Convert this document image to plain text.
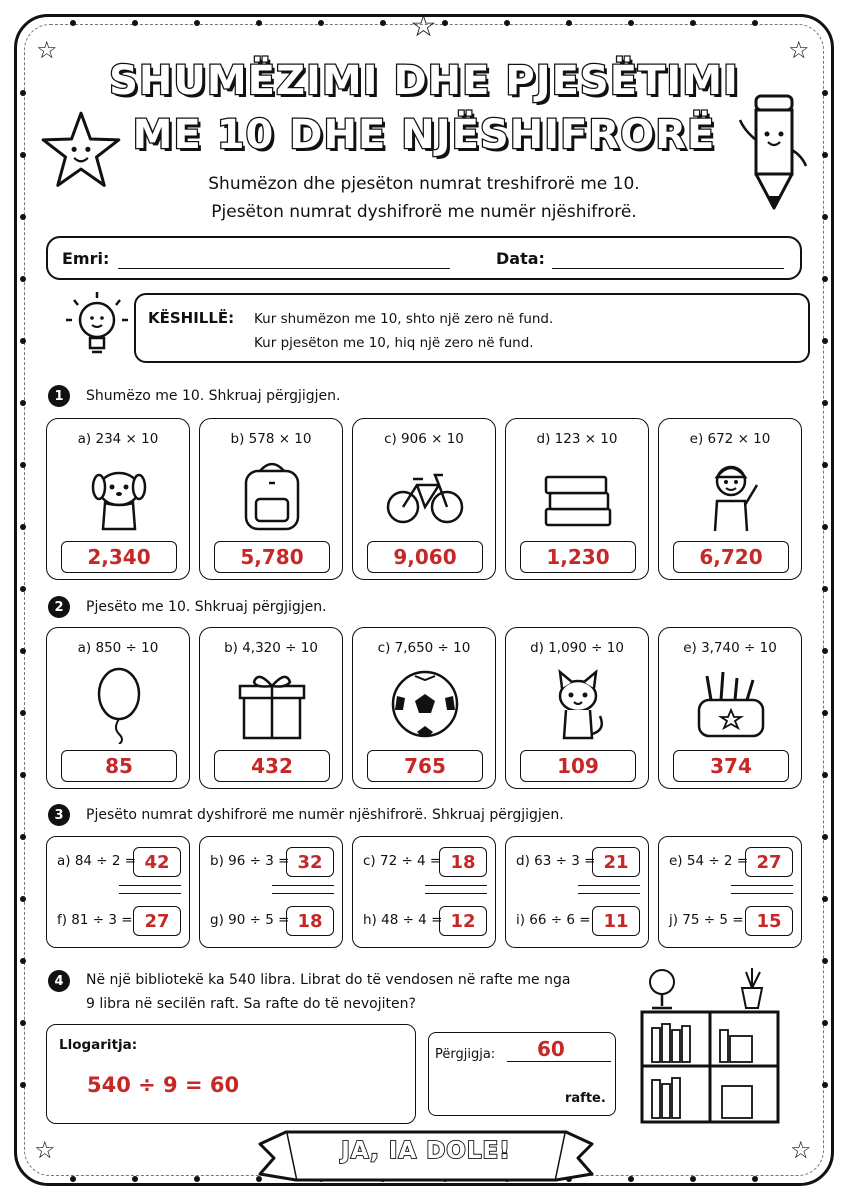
☆
☆
☆
☆	☆
SHUMËZIMI DHE PJESËTIMI
ME 10 DHE NJËSHIFRORË
Shumëzon dhe pjesëton numrat treshifrorë me 10.
Pjesëton numrat dyshifrorë me numër njëshifrorë.
Emri:	Data:
KËSHILLË: Kur shumëzon me 10, shto një zero në fund.
Kur pjesëton me 10, hiq një zero në fund.
1	Shumëzo me 10. Shkruaj përgjigjen.
a) 234 × 10
2,340
b) 578 × 10
5,780
c) 906 × 10
9,060
d) 123 × 10
1,230
e) 672 × 10
6,720
2	Pjesëto me 10. Shkruaj përgjigjen.
a) 850 ÷ 10
85
b) 4,320 ÷ 10
432
c) 7,650 ÷ 10
765
d) 1,090 ÷ 10
109
e) 3,740 ÷ 10
374
3	Pjesëto numrat dyshifrorë me numër njëshifrorë. Shkruaj përgjigjen.
a) 84 ÷ 2 = 42
f) 81 ÷ 3 = 27
b) 96 ÷ 3 = 32
g) 90 ÷ 5 = 18
c) 72 ÷ 4 = 18
h) 48 ÷ 4 = 12
d) 63 ÷ 3 = 21
i) 66 ÷ 6 = 11
e) 54 ÷ 2 = 27
j) 75 ÷ 5 = 15
4	Në një bibliotekë ka 540 libra. Librat do të vendosen në rafte me nga
9 libra në secilën raft. Sa rafte do të nevojiten?
Llogaritja:
540 ÷ 9 = 60
Përgjigja: 60
rafte.
JA, IA DOLE!
